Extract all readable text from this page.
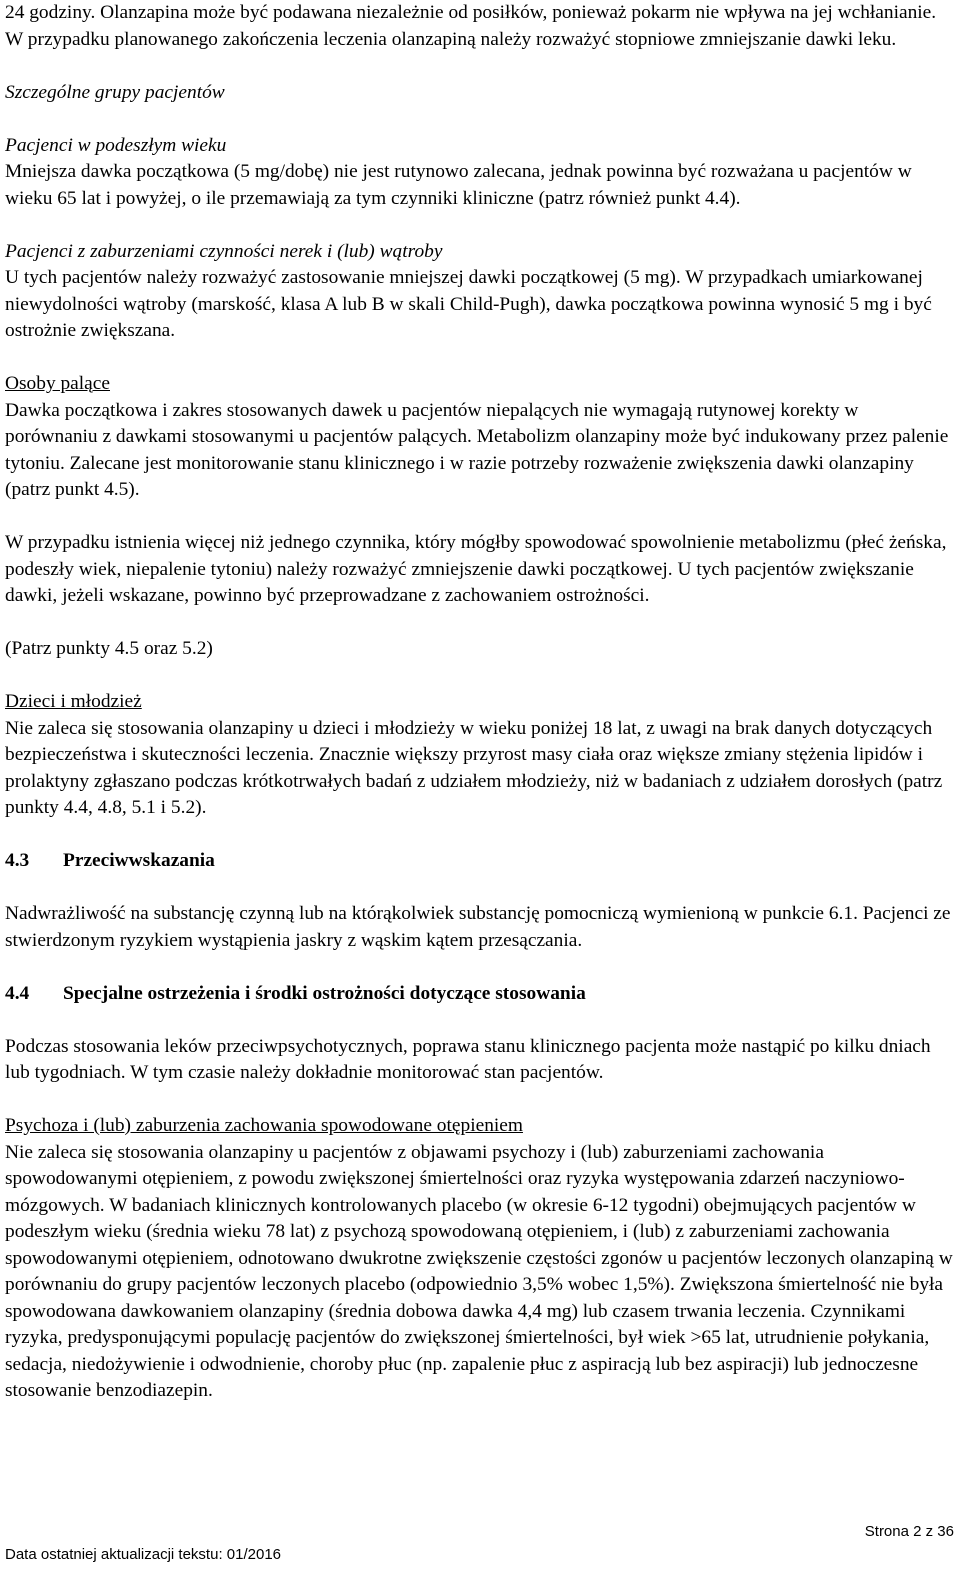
24 godziny. Olanzapina może być podawana niezależnie od posiłków, ponieważ pokarm nie wpływa na jej wchłanianie. W przypadku planowanego zakończenia leczenia olanzapiną należy rozważyć stopniowe zmniejszanie dawki leku.

Szczególne grupy pacjentów

Pacjenci w podeszłym wieku

Mniejsza dawka początkowa (5 mg/dobę) nie jest rutynowo zalecana, jednak powinna być rozważana u pacjentów w wieku 65 lat i powyżej, o ile przemawiają za tym czynniki kliniczne (patrz również punkt 4.4).

Pacjenci z zaburzeniami czynności nerek i (lub) wątroby

U tych pacjentów należy rozważyć zastosowanie mniejszej dawki początkowej (5 mg). W przypadkach umiarkowanej niewydolności wątroby (marskość, klasa A lub B w skali Child-Pugh), dawka początkowa powinna wynosić 5 mg i być ostrożnie zwiększana.

Osoby palące

Dawka początkowa i zakres stosowanych dawek u pacjentów niepalących nie wymagają rutynowej korekty w porównaniu z dawkami stosowanymi u pacjentów palących. Metabolizm olanzapiny może być indukowany przez palenie tytoniu. Zalecane jest monitorowanie stanu klinicznego i w razie potrzeby rozważenie zwiększenia dawki olanzapiny (patrz punkt 4.5).

W przypadku istnienia więcej niż jednego czynnika, który mógłby spowodować spowolnienie metabolizmu (płeć żeńska, podeszły wiek, niepalenie tytoniu) należy rozważyć zmniejszenie dawki początkowej. U tych pacjentów zwiększanie dawki, jeżeli wskazane, powinno być przeprowadzane z zachowaniem ostrożności.

(Patrz punkty 4.5 oraz 5.2)

Dzieci i młodzież

Nie zaleca się stosowania olanzapiny u dzieci i młodzieży w wieku poniżej 18 lat, z uwagi na brak danych dotyczących bezpieczeństwa i skuteczności leczenia. Znacznie większy przyrost masy ciała oraz większe zmiany stężenia lipidów i prolaktyny zgłaszano podczas krótkotrwałych badań z udziałem młodzieży, niż w badaniach z udziałem dorosłych (patrz punkty 4.4, 4.8, 5.1 i 5.2).

4.3	Przeciwwskazania

Nadwrażliwość na substancję czynną lub na którąkolwiek substancję pomocniczą wymienioną w punkcie 6.1. Pacjenci ze stwierdzonym ryzykiem wystąpienia jaskry z wąskim kątem przesączania.

4.4	Specjalne ostrzeżenia i środki ostrożności dotyczące stosowania

Podczas stosowania leków przeciwpsychotycznych, poprawa stanu klinicznego pacjenta może nastąpić po kilku dniach lub tygodniach. W tym czasie należy dokładnie monitorować stan pacjentów.

Psychoza i (lub) zaburzenia zachowania spowodowane otępieniem

Nie zaleca się stosowania olanzapiny u pacjentów z objawami psychozy i (lub) zaburzeniami zachowania spowodowanymi otępieniem, z powodu zwiększonej śmiertelności oraz ryzyka występowania zdarzeń naczyniowo-mózgowych. W badaniach klinicznych kontrolowanych placebo (w okresie 6-12 tygodni) obejmujących pacjentów w podeszłym wieku (średnia wieku 78 lat) z psychozą spowodowaną otępieniem, i (lub) z zaburzeniami zachowania spowodowanymi otępieniem, odnotowano dwukrotne zwiększenie częstości zgonów u pacjentów leczonych olanzapiną w porównaniu do grupy pacjentów leczonych placebo (odpowiednio 3,5% wobec 1,5%). Zwiększona śmiertelność nie była spowodowana dawkowaniem olanzapiny (średnia dobowa dawka 4,4 mg) lub czasem trwania leczenia. Czynnikami ryzyka, predysponującymi populację pacjentów do zwiększonej śmiertelności, był wiek >65 lat, utrudnienie połykania, sedacja, niedożywienie i odwodnienie, choroby płuc (np. zapalenie płuc z aspiracją lub bez aspiracji) lub jednoczesne stosowanie benzodiazepin.

Strona 2 z 36
Data ostatniej aktualizacji tekstu: 01/2016
